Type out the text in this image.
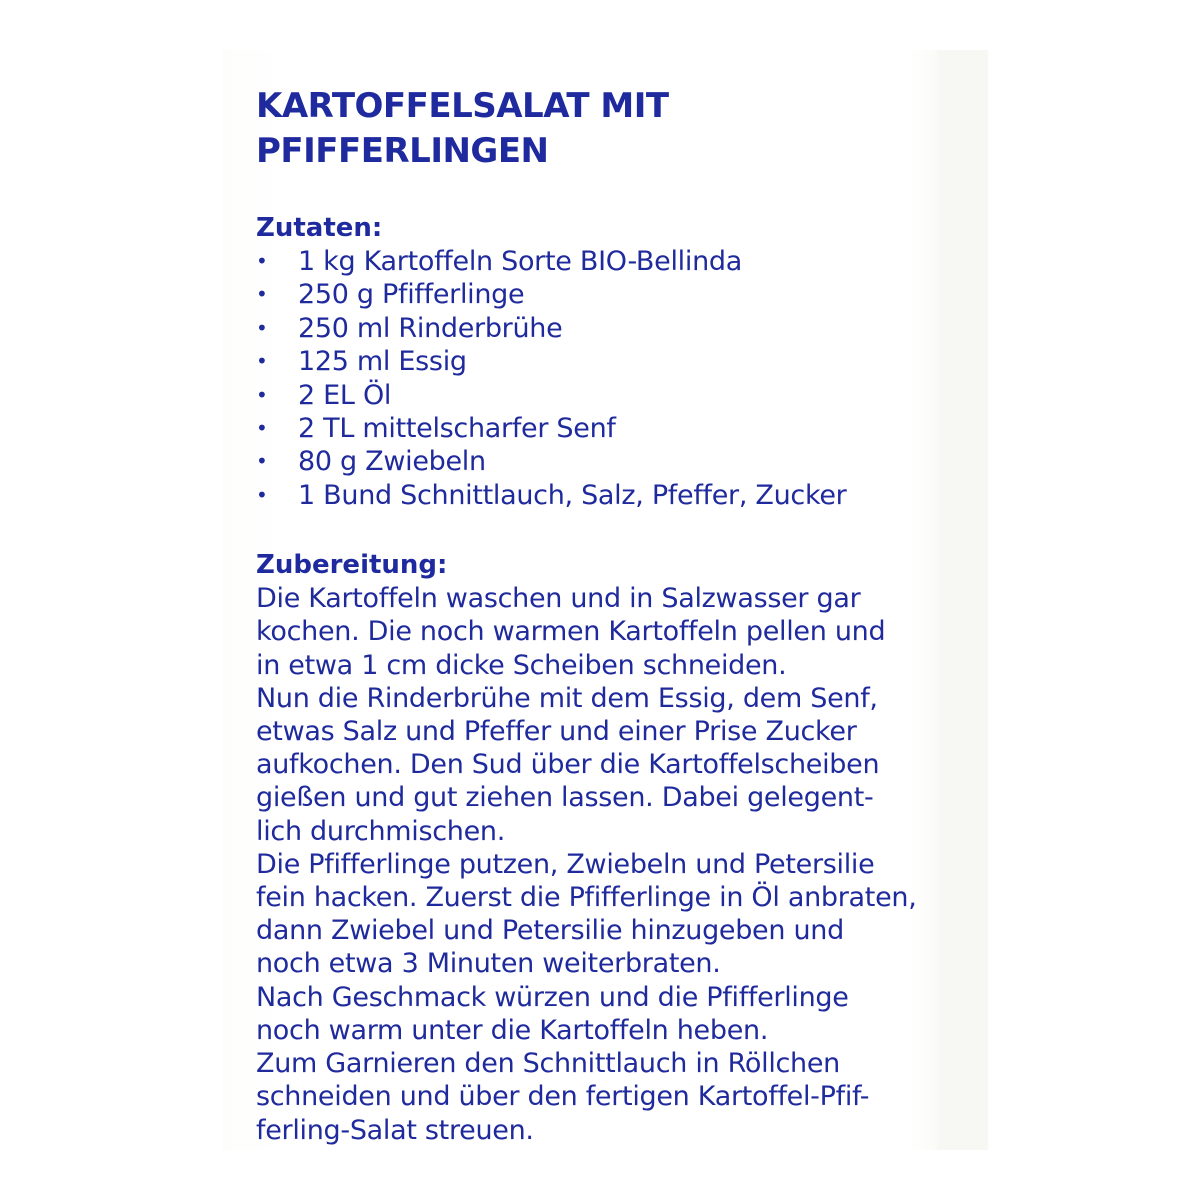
KARTOFFELSALAT MIT
PFIFFERLINGEN
Zutaten:
•	1 kg Kartoffeln Sorte BIO-Bellinda
•	250 g Pfifferlinge
•	250 ml Rinderbrühe
•	125 ml Essig
•	2 EL Öl
•	2 TL mittelscharfer Senf
•	80 g Zwiebeln
•	1 Bund Schnittlauch, Salz, Pfeffer, Zucker
Zubereitung:

Die Kartoffeln waschen und in Salzwasser gar
kochen. Die noch warmen Kartoffeln pellen und
in etwa 1 cm dicke Scheiben schneiden.

Nun die Rinderbrühe mit dem Essig, dem Senf,
etwas Salz und Pfeffer und einer Prise Zucker
aufkochen. Den Sud über die Kartoffelscheiben
gießen und gut ziehen lassen. Dabei gelegent-
lich durchmischen.

Die Pfifferlinge putzen, Zwiebeln und Petersilie
fein hacken. Zuerst die Pfifferlinge in Öl anbraten,
dann Zwiebel und Petersilie hinzugeben und
noch etwa 3 Minuten weiterbraten.

Nach Geschmack würzen und die Pfifferlinge
noch warm unter die Kartoffeln heben.

Zum Garnieren den Schnittlauch in Röllchen
schneiden und über den fertigen Kartoffel-Pfif-
ferling-Salat streuen.
